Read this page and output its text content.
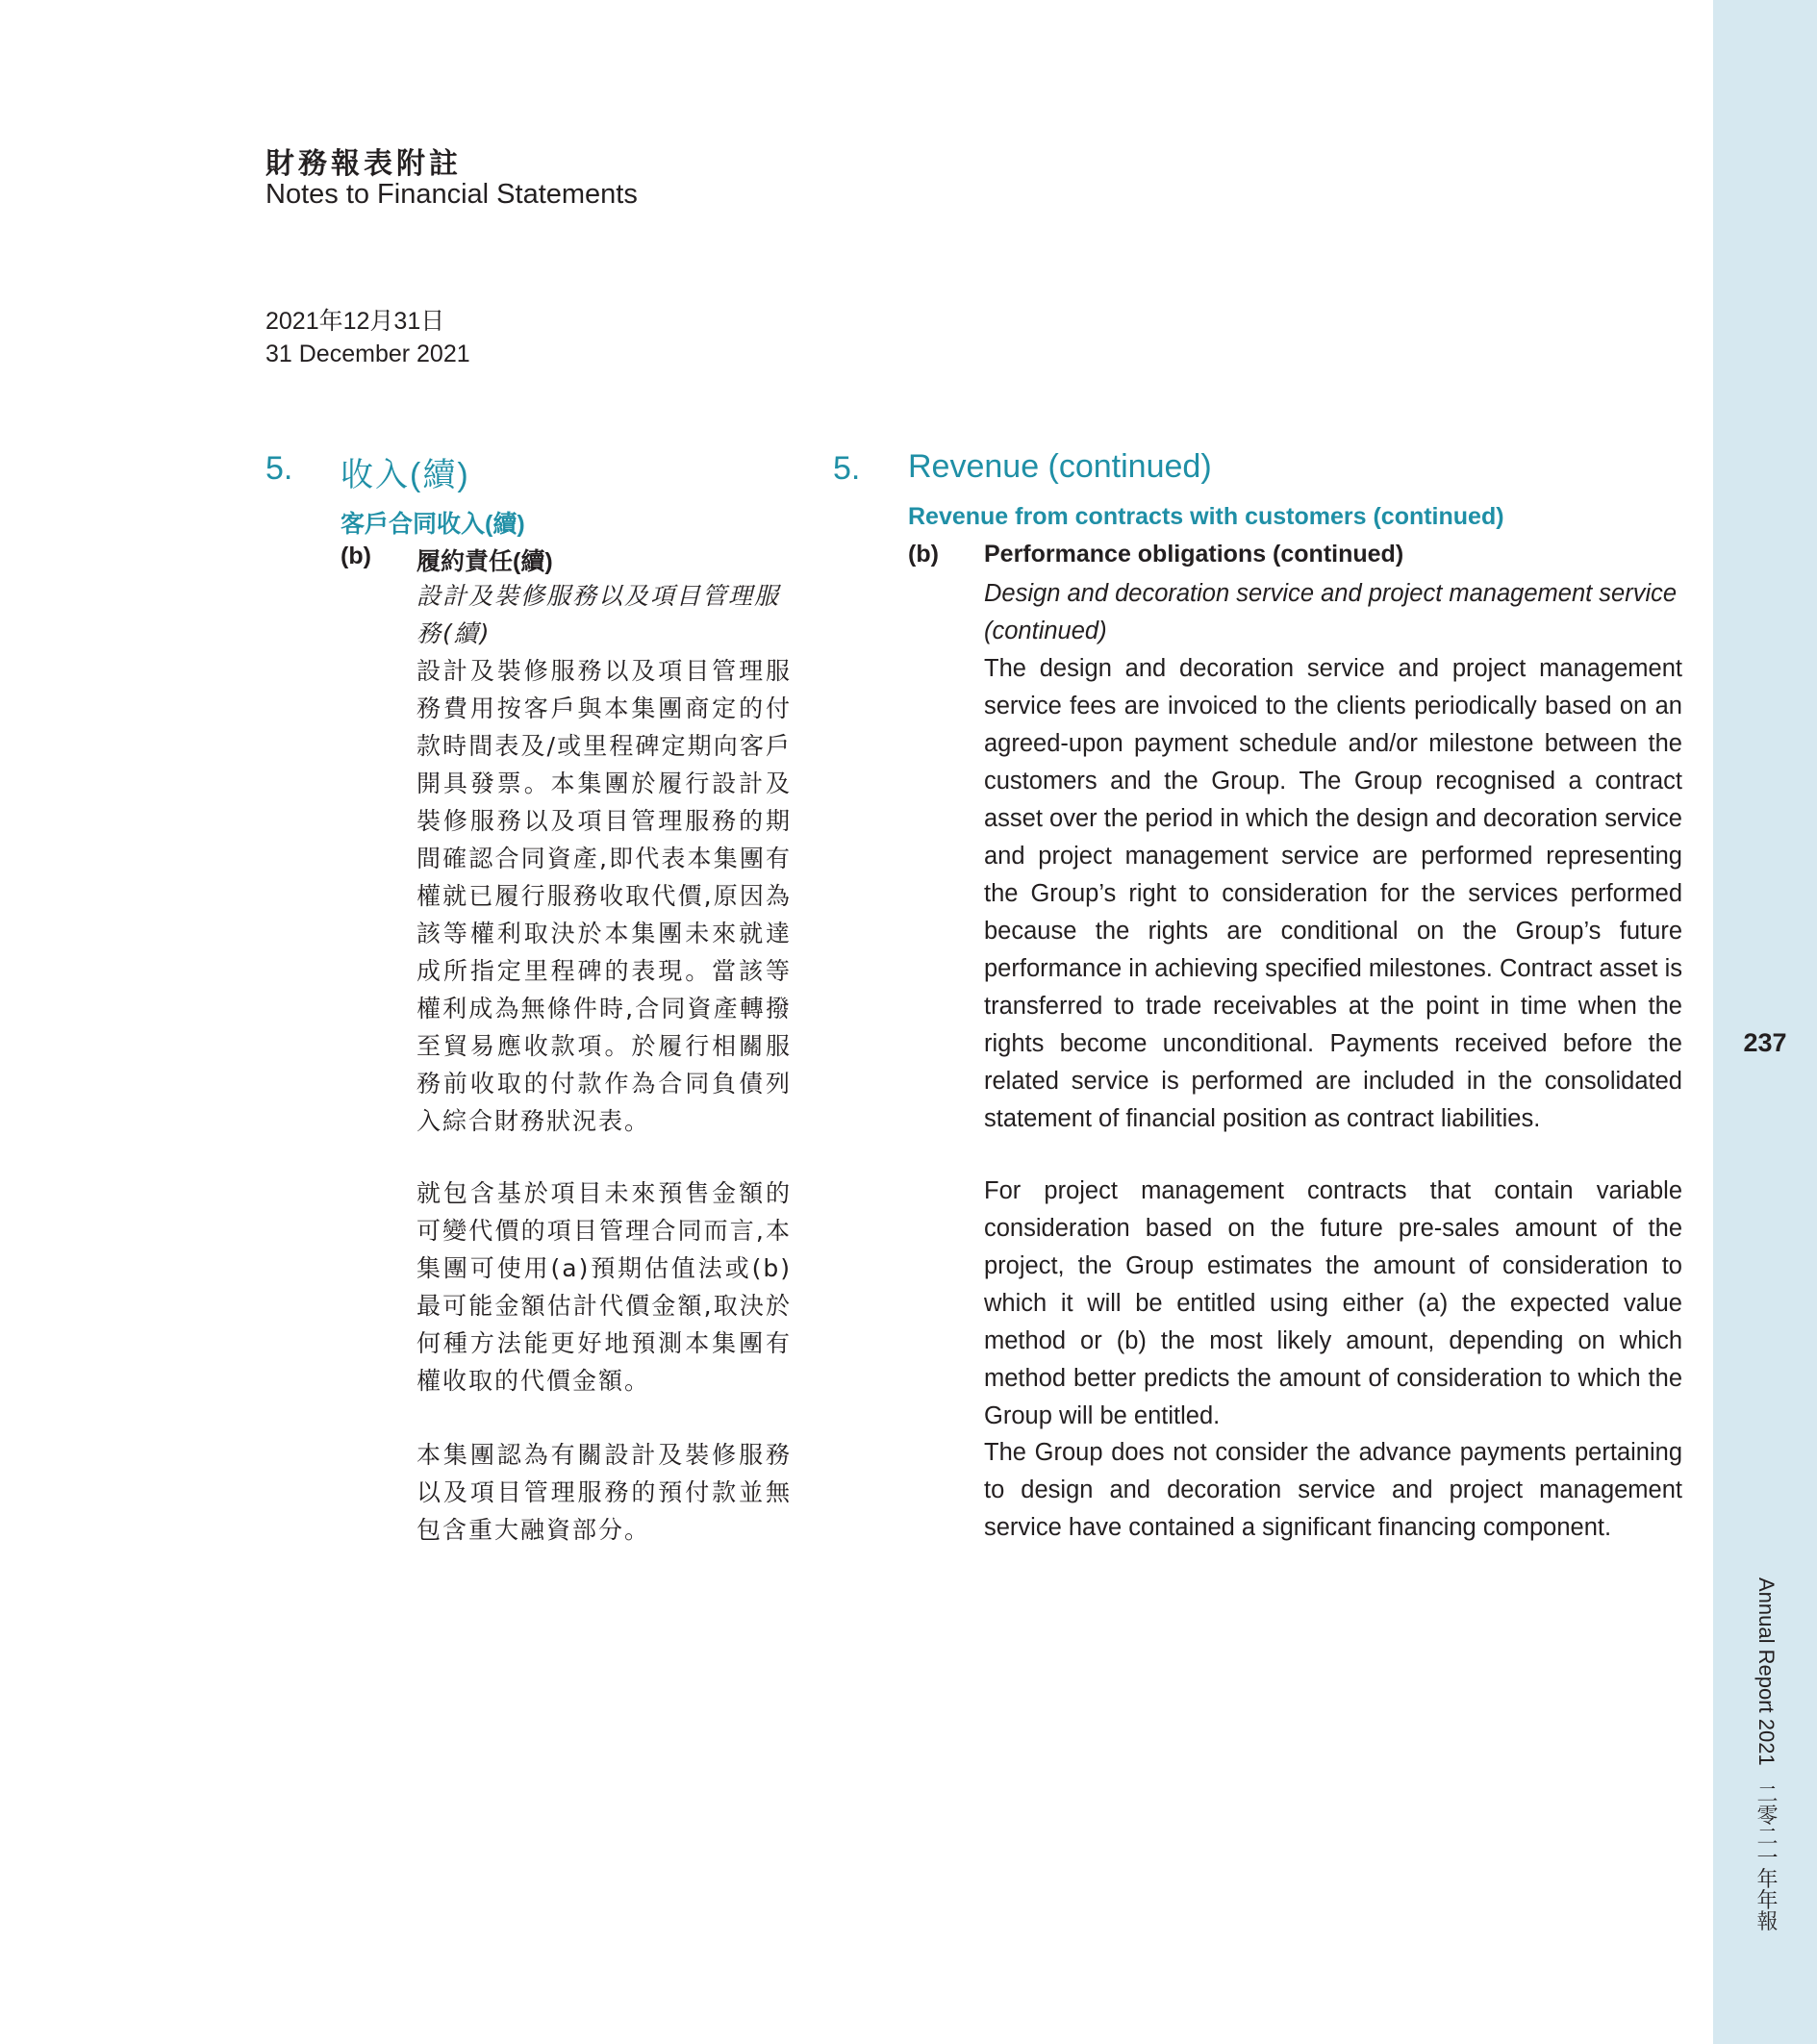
財務報表附註
Notes to Financial Statements
2021年12月31日
31 December 2021
5. 收入(續)
客戶合同收入(續)
(b) 履約責任(續)
設計及裝修服務以及項目管理服務(續)

設計及裝修服務以及項目管理服務費用按客戶與本集團商定的付款時間表及/或里程碑定期向客戶開具發票。本集團於履行設計及裝修服務以及項目管理服務的期間確認合同資產,即代表本集團有權就已履行服務收取代價,原因為該等權利取決於本集團未來就達成所指定里程碑的表現。當該等權利成為無條件時,合同資產轉撥至貿易應收款項。於履行相關服務前收取的付款作為合同負債列入綜合財務狀況表。

就包含基於項目未來預售金額的可變代價的項目管理合同而言,本集團可使用(a)預期估值法或(b)最可能金額估計代價金額,取決於何種方法能更好地預測本集團有權收取的代價金額。

本集團認為有關設計及裝修服務以及項目管理服務的預付款並無包含重大融資部分。

5. Revenue (continued)
Revenue from contracts with customers (continued)
(b) Performance obligations (continued)
Design and decoration service and project management service (continued)

The design and decoration service and project management service fees are invoiced to the clients periodically based on an agreed-upon payment schedule and/or milestone between the customers and the Group. The Group recognised a contract asset over the period in which the design and decoration service and project management service are performed representing the Group’s right to consideration for the services performed because the rights are conditional on the Group’s future performance in achieving specified milestones. Contract asset is transferred to trade receivables at the point in time when the rights become unconditional. Payments received before the related service is performed are included in the consolidated statement of financial position as contract liabilities.

For project management contracts that contain variable consideration based on the future pre-sales amount of the project, the Group estimates the amount of consideration to which it will be entitled using either (a) the expected value method or (b) the most likely amount, depending on which method better predicts the amount of consideration to which the Group will be entitled.

The Group does not consider the advance payments pertaining to design and decoration service and project management service have contained a significant financing component.

237
Annual Report 2021二零二一年年報
